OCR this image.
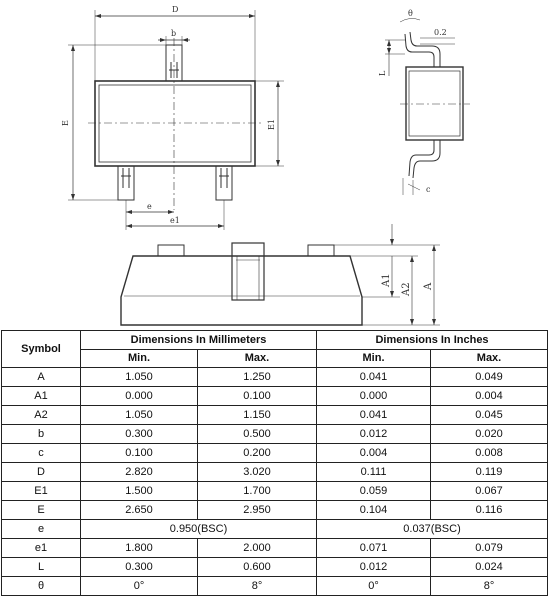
D
b
E	E1
e
e1
θ
0.2
L
c
A1
A2 A
Symbol	Dimensions In Millimeters		Dimensions In Inches	
	Min.	Max.	Min.	Max.
A	1.050	1.250	0.041	0.049
A1	0.000	0.100	0.000	0.004
A2	1.050	1.150	0.041	0.045
b	0.300	0.500	0.012	0.020
c	0.100	0.200	0.004	0.008
D	2.820	3.020	0.111	0.119
E1	1.500	1.700	0.059	0.067
E	2.650	2.950	0.104	0.116
e	0.950(BSC)		0.037(BSC)	
e1	1.800	2.000	0.071	0.079
L	0.300	0.600	0.012	0.024
θ	0°	8°	0°	8°
